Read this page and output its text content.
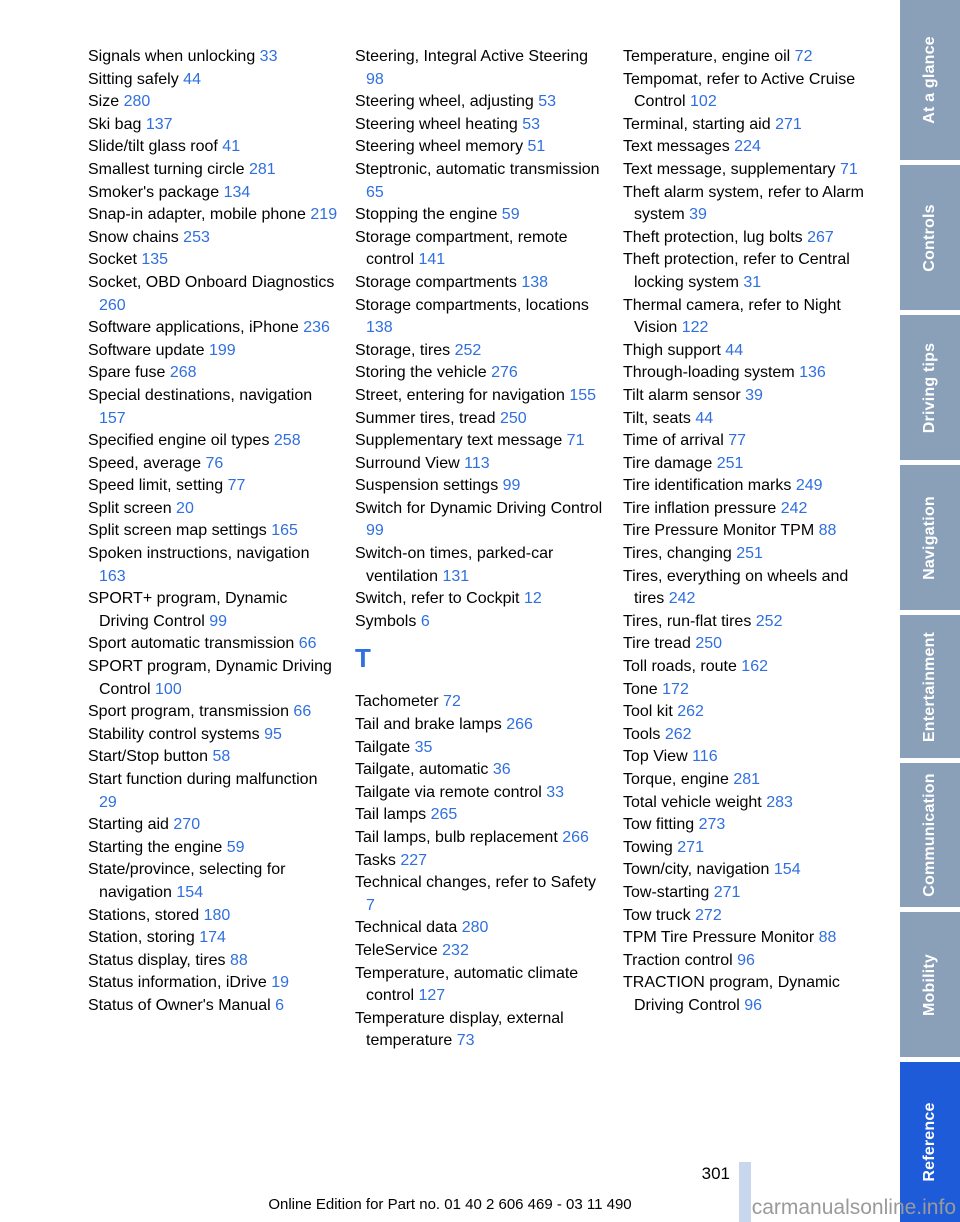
Signals when unlocking 33
Sitting safely 44
Size 280
Ski bag 137
Slide/tilt glass roof 41
Smallest turning circle 281
Smoker's package 134
Snap-in adapter, mobile phone 219
Snow chains 253
Socket 135
Socket, OBD Onboard Diagnostics 260
Software applications, iPhone 236
Software update 199
Spare fuse 268
Special destinations, navigation 157
Specified engine oil types 258
Speed, average 76
Speed limit, setting 77
Split screen 20
Split screen map settings 165
Spoken instructions, navigation 163
SPORT+ program, Dynamic Driving Control 99
Sport automatic transmission 66
SPORT program, Dynamic Driving Control 100
Sport program, transmission 66
Stability control systems 95
Start/Stop button 58
Start function during malfunction 29
Starting aid 270
Starting the engine 59
State/province, selecting for navigation 154
Stations, stored 180
Station, storing 174
Status display, tires 88
Status information, iDrive 19
Status of Owner's Manual 6
Steering, Integral Active Steering 98
Steering wheel, adjusting 53
Steering wheel heating 53
Steering wheel memory 51
Steptronic, automatic transmission 65
Stopping the engine 59
Storage compartment, remote control 141
Storage compartments 138
Storage compartments, locations 138
Storage, tires 252
Storing the vehicle 276
Street, entering for navigation 155
Summer tires, tread 250
Supplementary text message 71
Surround View 113
Suspension settings 99
Switch for Dynamic Driving Control 99
Switch-on times, parked-car ventilation 131
Switch, refer to Cockpit 12
Symbols 6
T
Tachometer 72
Tail and brake lamps 266
Tailgate 35
Tailgate, automatic 36
Tailgate via remote control 33
Tail lamps 265
Tail lamps, bulb replacement 266
Tasks 227
Technical changes, refer to Safety 7
Technical data 280
TeleService 232
Temperature, automatic climate control 127
Temperature display, external temperature 73
Temperature, engine oil 72
Tempomat, refer to Active Cruise Control 102
Terminal, starting aid 271
Text messages 224
Text message, supplementary 71
Theft alarm system, refer to Alarm system 39
Theft protection, lug bolts 267
Theft protection, refer to Central locking system 31
Thermal camera, refer to Night Vision 122
Thigh support 44
Through-loading system 136
Tilt alarm sensor 39
Tilt, seats 44
Time of arrival 77
Tire damage 251
Tire identification marks 249
Tire inflation pressure 242
Tire Pressure Monitor TPM 88
Tires, changing 251
Tires, everything on wheels and tires 242
Tires, run-flat tires 252
Tire tread 250
Toll roads, route 162
Tone 172
Tool kit 262
Tools 262
Top View 116
Torque, engine 281
Total vehicle weight 283
Tow fitting 273
Towing 271
Town/city, navigation 154
Tow-starting 271
Tow truck 272
TPM Tire Pressure Monitor 88
Traction control 96
TRACTION program, Dynamic Driving Control 96
At a glance
Controls
Driving tips
Navigation
Entertainment
Communication
Mobility
Reference
301
Online Edition for Part no. 01 40 2 606 469 - 03 11 490	carmanualsonline.info
